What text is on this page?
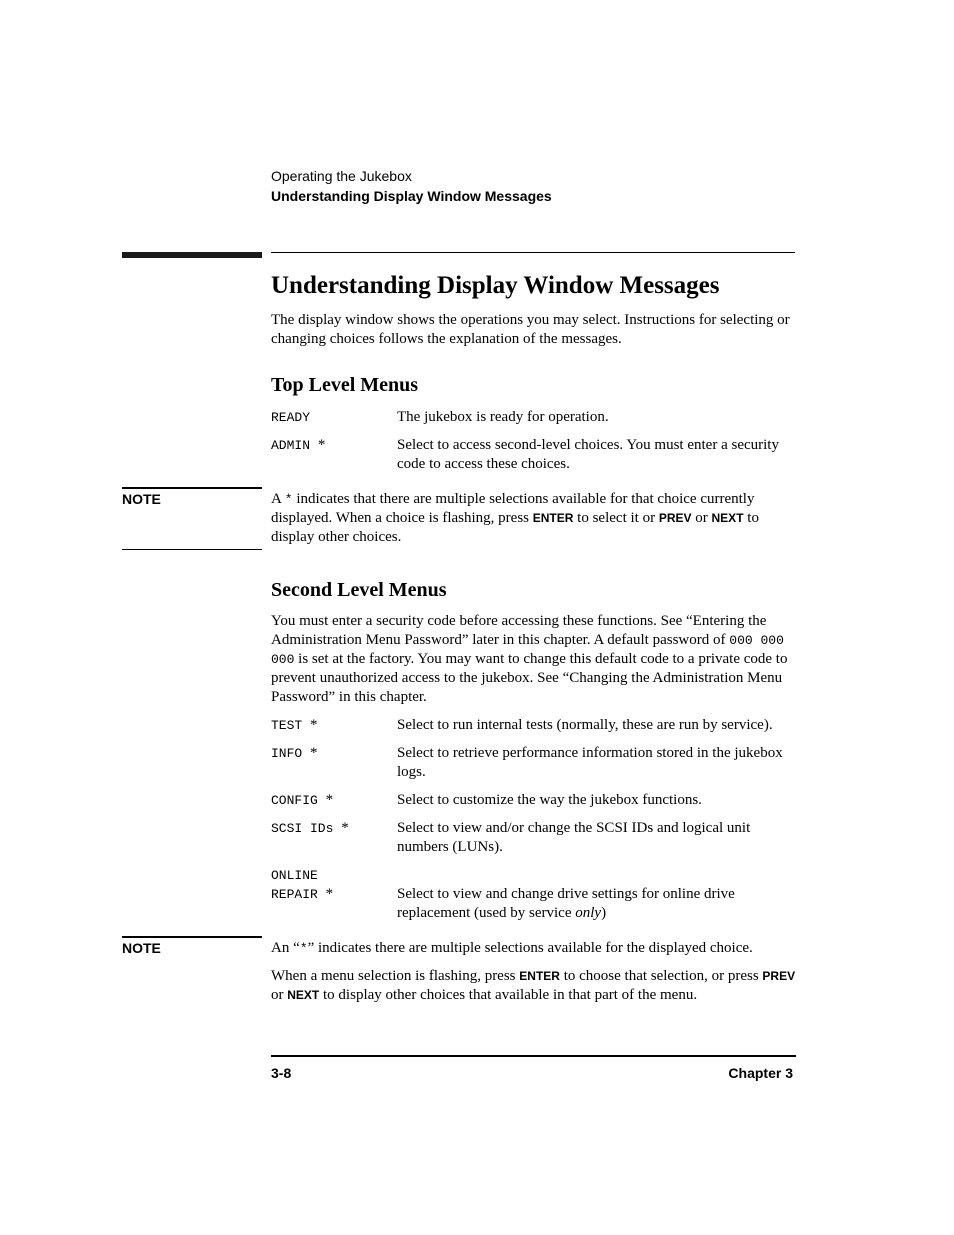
Operating the Jukebox
Understanding Display Window Messages
Understanding Display Window Messages
The display window shows the operations you may select. Instructions for selecting or changing choices follows the explanation of the messages.
Top Level Menus
READY	The jukebox is ready for operation.
ADMIN *	Select to access second-level choices. You must enter a security code to access these choices.
NOTE	A * indicates that there are multiple selections available for that choice currently displayed. When a choice is flashing, press ENTER to select it or PREV or NEXT to display other choices.
Second Level Menus
You must enter a security code before accessing these functions. See “Entering the Administration Menu Password” later in this chapter. A default password of 000 000 000 is set at the factory. You may want to change this default code to a private code to prevent unauthorized access to the jukebox. See “Changing the Administration Menu Password” in this chapter.
TEST *	Select to run internal tests (normally, these are run by service).
INFO *	Select to retrieve performance information stored in the jukebox logs.
CONFIG *	Select to customize the way the jukebox functions.
SCSI IDs *	Select to view and/or change the SCSI IDs and logical unit numbers (LUNs).
ONLINE
REPAIR *	Select to view and change drive settings for online drive replacement (used by service only)
NOTE	An “*” indicates there are multiple selections available for the displayed choice.
When a menu selection is flashing, press ENTER to choose that selection, or press PREV or NEXT to display other choices that available in that part of the menu.
3-8	Chapter 3
